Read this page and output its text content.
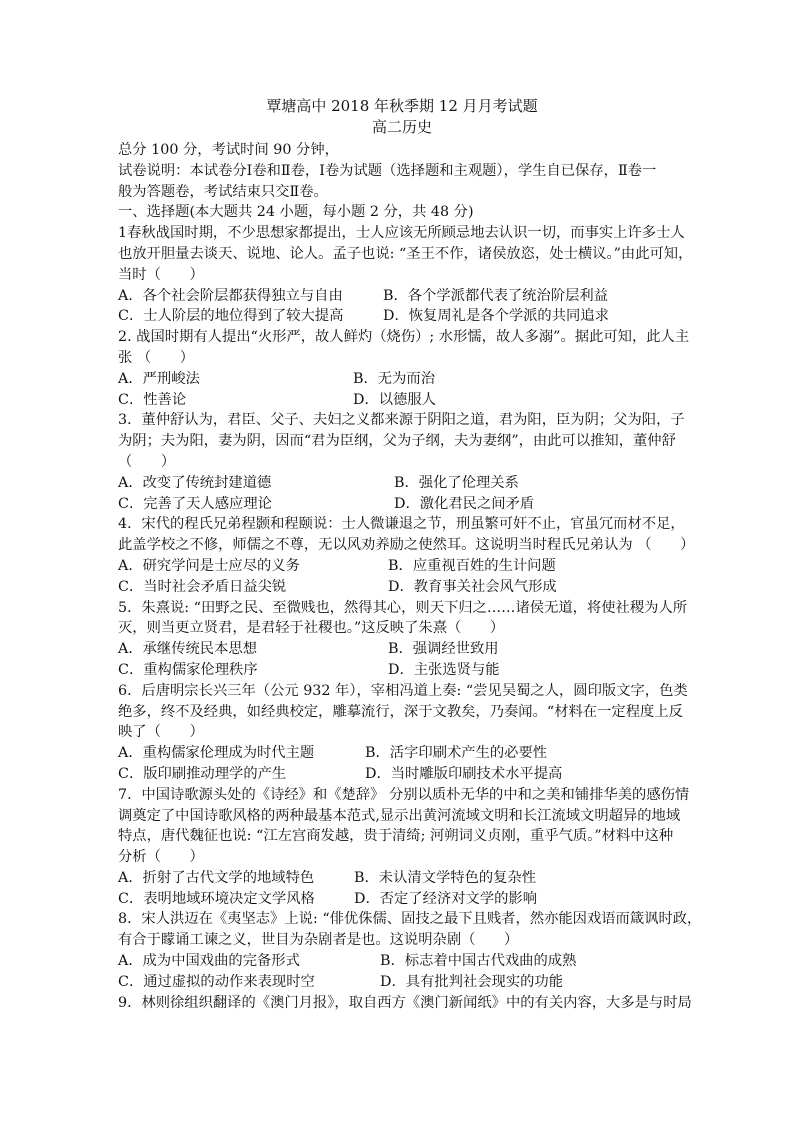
覃塘高中 2018 年秋季期 12 月月考试题
高二历史
总分 100 分，考试时间 90 分钟，
试卷说明：本试卷分Ⅰ卷和Ⅱ卷，Ⅰ卷为试题（选择题和主观题），学生自已保存，Ⅱ卷一
般为答题卷，考试结束只交Ⅱ卷。
一、选择题(本大题共 24 小题，每小题 2 分，共 48 分)
1春秋战国时期，不少思想家都提出，士人应该无所顾忌地去认识一切，而事实上许多士人
也放开胆量去谈天、说地、论人。孟子也说: “圣王不作，诸侯放恣，处士横议。”由此可知，
当时（　　）
A．各个社会阶层都获得独立与自由	B．各个学派都代表了统治阶层利益
C．士人阶层的地位得到了较大提高	D．恢复周礼是各个学派的共同追求
2. 战国时期有人提出“火形严，故人鲜灼（烧伤）; 水形懦，故人多溺”。据此可知，此人主
张 （　　）
A．严刑峻法	B．无为而治
C．性善论	D．以德服人
3．董仲舒认为，君臣、父子、夫妇之义都来源于阴阳之道，君为阳，臣为阴；父为阳，子
为阴；夫为阳，妻为阴，因而“君为臣纲，父为子纲，夫为妻纲”，由此可以推知，董仲舒
（　　）
A．改变了传统封建道德	B．强化了伦理关系
C．完善了天人感应理论	D．激化君民之间矛盾
4．宋代的程氏兄弟程颢和程颐说：士人微谦退之节，刑虽繁可奸不止，官虽冗而材不足，
此盖学校之不修，师儒之不尊，无以风劝养励之使然耳。这说明当时程氏兄弟认为 （　　）
A．研究学问是士应尽的义务	B．应重视百姓的生计问题
C．当时社会矛盾日益尖锐	D．教育事关社会风气形成
5．朱熹说: “田野之民、至微贱也，然得其心，则天下归之……诸侯无道，将使社稷为人所
灭，则当更立贤君，是君轻于社稷也。”这反映了朱熹（　　）
A．承继传统民本思想	B．强调经世致用
C．重构儒家伦理秩序	D．主张选贤与能
6．后唐明宗长兴三年（公元 932 年），宰相冯道上奏: “尝见吴蜀之人，圆印版文字，色类
绝多，终不及经典，如经典校定，雕摹流行，深于文教矣，乃奏闻。“材料在一定程度上反
映了（　　）
A．重构儒家伦理成为时代主题	B．活字印刷术产生的必要性
C．版印刷推动理学的产生	D．当时雕版印刷技术水平提高
7．中国诗歌源头处的《诗经》和《楚辞》 分别以质朴无华的中和之美和铺排华美的感伤情
调奠定了中国诗歌风格的两种最基本范式,显示出黄河流域文明和长江流域文明超异的地域
特点，唐代魏征也说: “江左宫商发越，贵于清绮; 河朔词义贞刚，重乎气质。”材料中这种
分析（　　）
A．折射了古代文学的地域特色	B．未认清文学特色的复杂性
C．表明地域环境决定文学风格	D．否定了经济对文学的影响
8．宋人洪迈在《夷坚志》上说: “俳优侏儒、固技之最下且贱者，然亦能因戏语而箴讽时政，
有合于矇诵工谏之义，世目为杂剧者是也。这说明杂剧（　　）
A．成为中国戏曲的完备形式	B．标志着中国古代戏曲的成熟
C．通过虚拟的动作来表现时空	D．具有批判社会现实的功能
9．林则徐组织翻译的《澳门月报》，取自西方《澳门新闻纸》中的有关内容，大多是与时局
